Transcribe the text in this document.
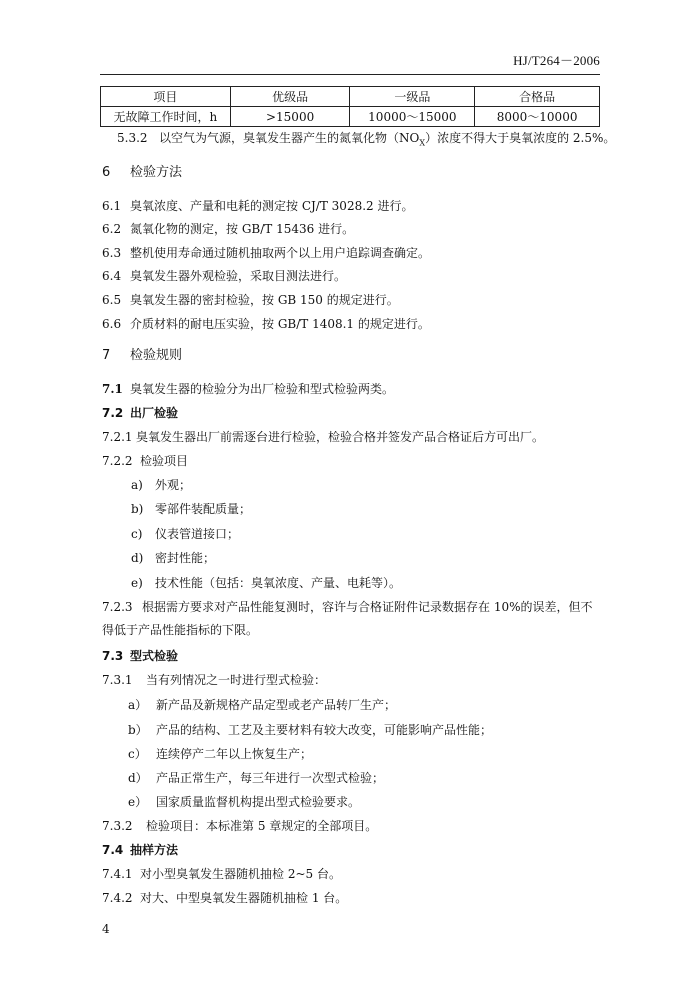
HJ/T264－2006
项目	优级品	一级品	合格品
无故障工作时间，h	>15000	10000～15000	8000～10000
5.3.2 以空气为气源，臭氧发生器产生的氮氧化物$(NO_X)$浓度不得大于臭氧浓度的 2.5%。
6 检验方法
6.1 臭氧浓度、产量和电耗的测定按 CJ/T 3028.2 进行。
6.2 氮氧化物的测定，按 GB/T 15436 进行。
6.3 整机使用寿命通过随机抽取两个以上用户追踪调查确定。
6.4 臭氧发生器外观检验，采取目测法进行。
6.5 臭氧发生器的密封检验，按 GB 150 的规定进行。
6.6 介质材料的耐电压实验，按 GB/T 1408.1 的规定进行。
7 检验规则
7.1 臭氧发生器的检验分为出厂检验和型式检验两类。
7.2 出厂检验
7.2.1 臭氧发生器出厂前需逐台进行检验，检验合格并签发产品合格证后方可出厂。
7.2.2 检验项目
a) 外观；
b) 零部件装配质量；
c) 仪表管道接口；
d) 密封性能；
e) 技术性能（包括：臭氧浓度、产量、电耗等）。
7.2.3 根据需方要求对产品性能复测时，容许与合格证附件记录数据存在 10%的误差，但不
得低于产品性能指标的下限。
7.3 型式检验
7.3.1 当有列情况之一时进行型式检验：
a） 新产品及新规格产品定型或老产品转厂生产；
b） 产品的结构、工艺及主要材料有较大改变，可能影响产品性能；
c） 连续停产二年以上恢复生产；
d） 产品正常生产，每三年进行一次型式检验；
e） 国家质量监督机构提出型式检验要求。
7.3.2 检验项目：本标准第 5 章规定的全部项目。
7.4 抽样方法
7.4.1 对小型臭氧发生器随机抽检 2~5 台。
7.4.2 对大、中型臭氧发生器随机抽检 1 台。
4
